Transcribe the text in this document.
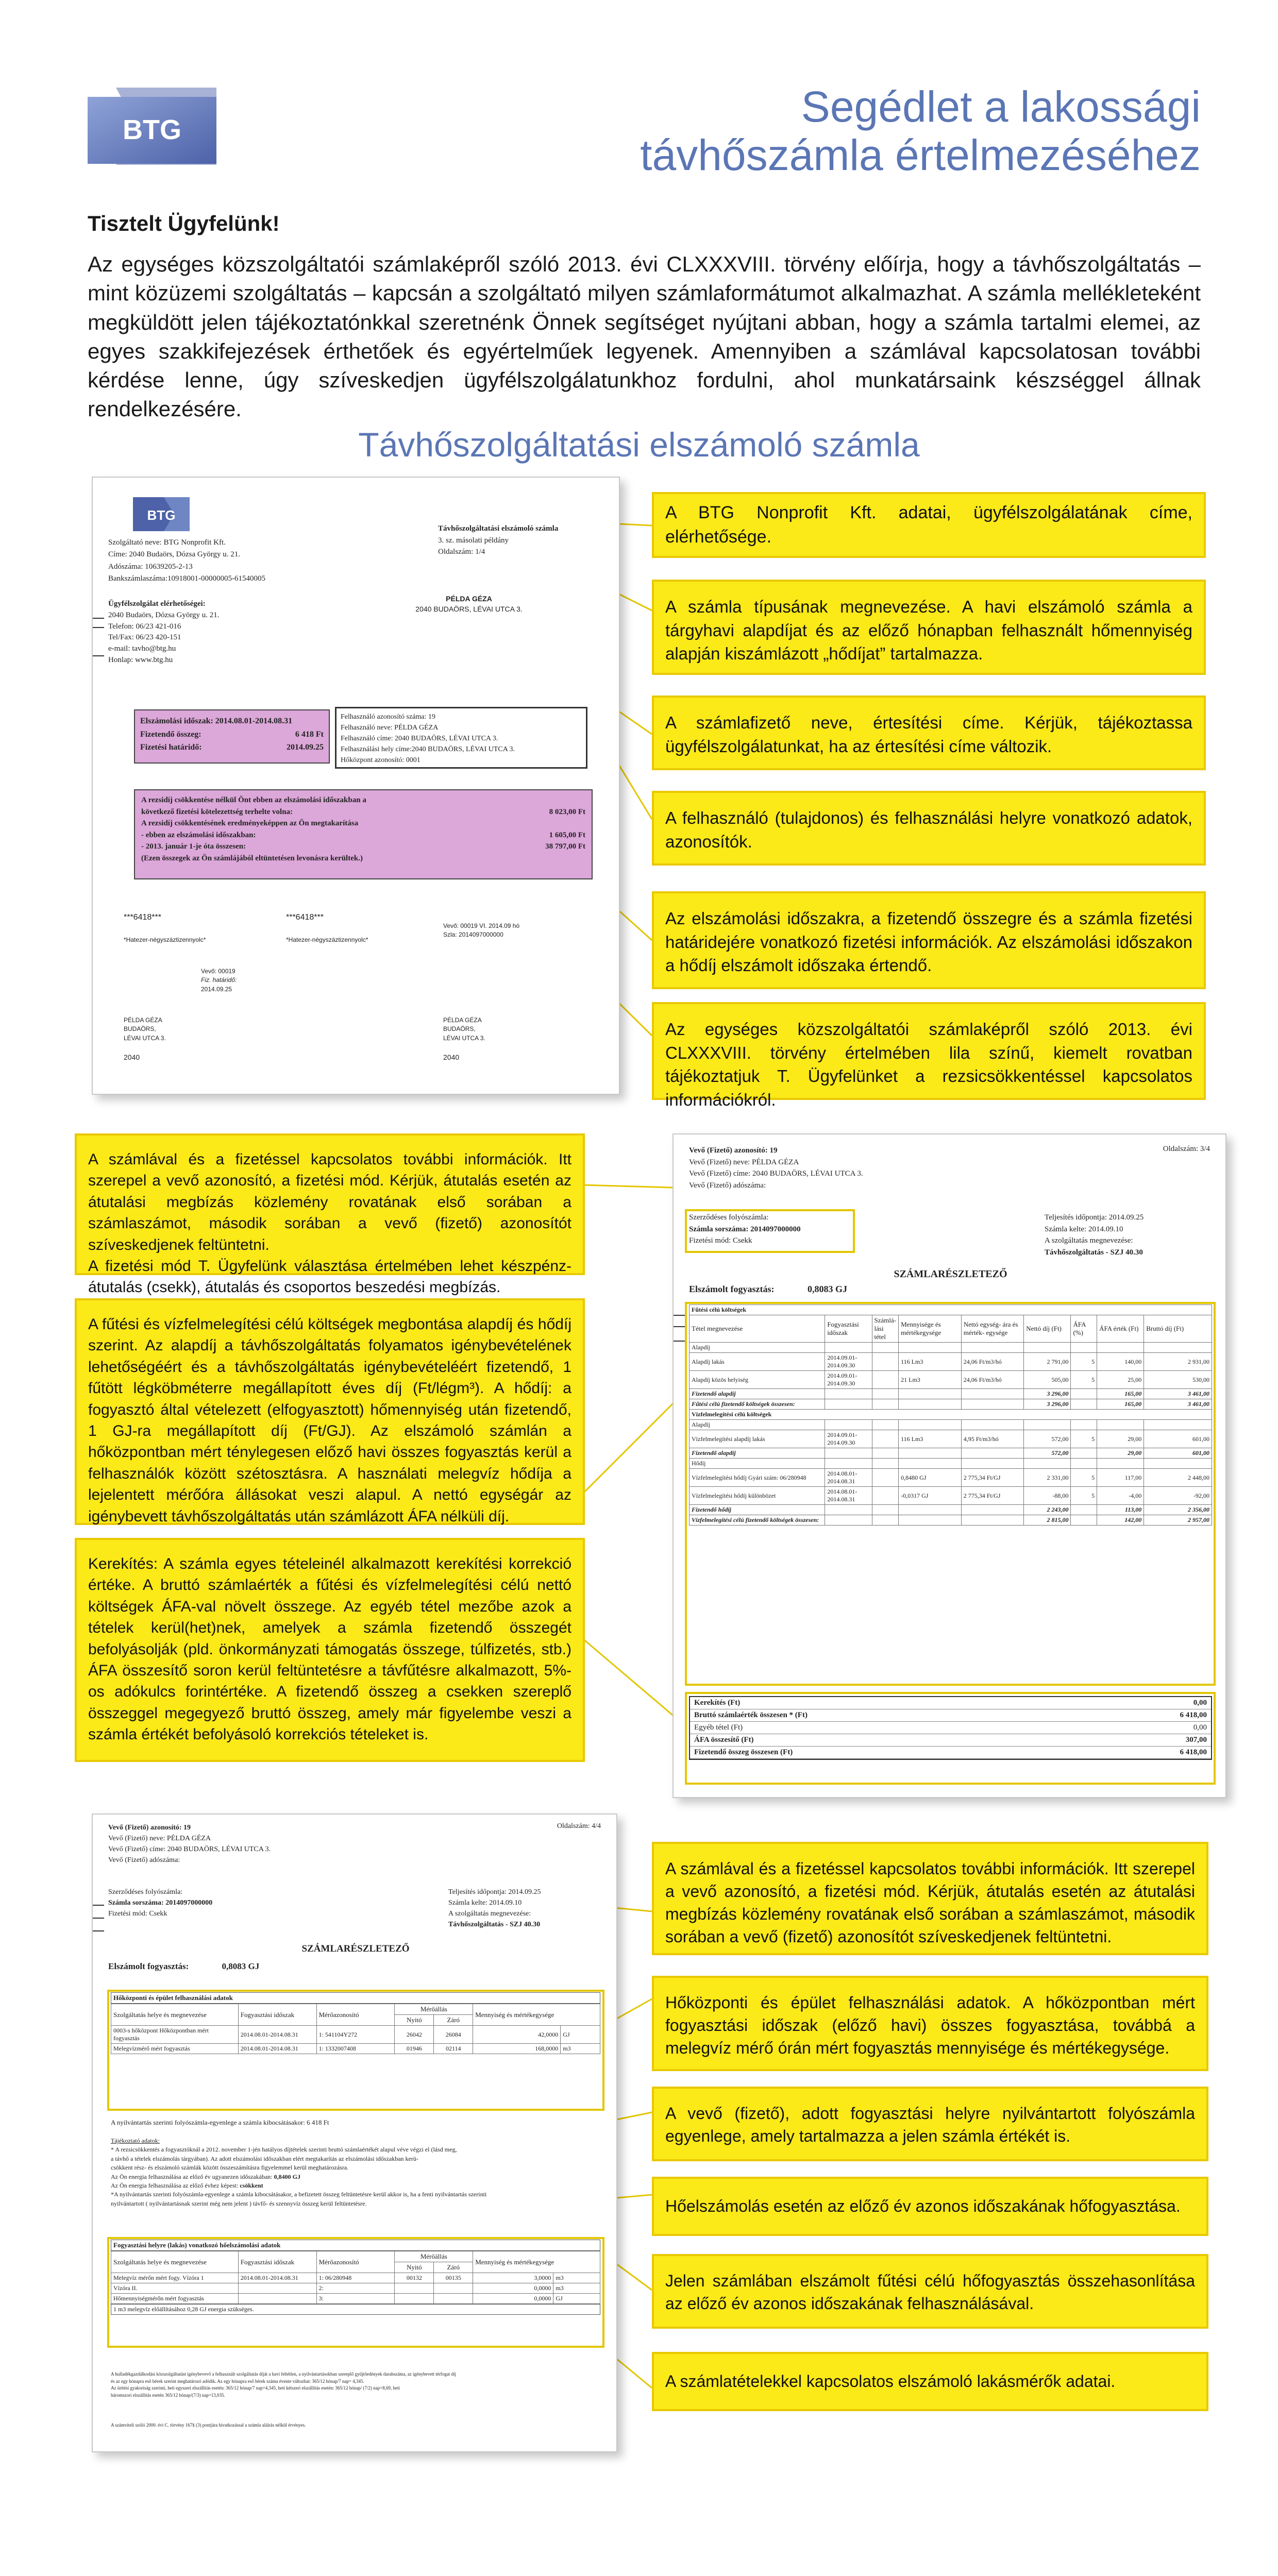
BTG	Segédlet a lakossági
távhőszámla értelmezéséhez
Tisztelt Ügyfelünk!
Az egységes közszolgáltatói számlaképről szóló 2013. évi CLXXXVIII. törvény előírja, hogy a távhőszolgáltatás – mint közüzemi szolgáltatás – kapcsán a szolgáltató milyen számlaformátumot alkalmazhat. A számla mellékleteként megküldött jelen tájékoztatónkkal szeretnénk Önnek segítséget nyújtani abban, hogy a számla tartalmi elemei, az egyes szakkifejezések érthetőek és egyértelműek legyenek. Amennyiben a számlával kapcsolatosan további kérdése lenne, úgy szíveskedjen ügyfélszolgálatunkhoz fordulni, ahol munkatársaink készséggel állnak rendelkezésére.
Távhőszolgáltatási elszámoló számla
BTG
Szolgáltató neve: BTG Nonprofit Kft.
Címe: 2040 Budaörs, Dózsa György u. 21.
Adószáma: 10639205-2-13
Bankszámlaszáma:10918001-00000005-61540005
Ügyfélszolgálat elérhetőségei:
2040 Budaörs, Dózsa György u. 21.
Telefon: 06/23 421-016
Tel/Fax: 06/23 420-151
e-mail: tavho@btg.hu
Honlap: www.btg.hu
Távhőszolgáltatási elszámoló számla
3. sz. másolati példány
Oldalszám: 1/4
PÉLDA GÉZA
2040 BUDAÖRS, LÉVAI UTCA 3.
Elszámolási időszak: 2014.08.01-2014.08.31
Fizetendő összeg:	6 418 Ft
Fizetési határidő:	2014.09.25
Felhasználó azonosító száma: 19
Felhasználó neve: PÉLDA GÉZA
Felhasználó címe: 2040 BUDAÖRS, LÉVAI UTCA 3.
Felhasználási hely címe:2040 BUDAÖRS, LÉVAI UTCA 3.
Hőközpont azonosító: 0001
A rezsidíj csökkentése nélkül Önt ebben az elszámolási időszakban a
következő fizetési kötelezettség terhelte volna:	8 023,00 Ft
A rezsidíj csökkentésének eredményeképpen az Ön megtakarítása
- ebben az elszámolási időszakban:	1 605,00 Ft
- 2013. január 1-je óta összesen:	38 797,00 Ft
(Ezen összegek az Ön számlájából eltüntetésen levonásra kerültek.)
***6418***	***6418***
*Hatezer-négyszáztizennyolc*	*Hatezer-négyszáztizennyolc*
Vevő: 00019 VI. 2014.09 hó
Szla: 2014097000000
Vevő: 00019
Fiz. határidő:
2014.09.25
PÉLDA GÉZA
BUDAÖRS,
LÉVAI UTCA 3.
2040
PÉLDA GÉZA
BUDAÖRS,
LÉVAI UTCA 3.
2040
A BTG Nonprofit Kft. adatai, ügyfélszolgálatának címe, elérhetősége.
A számla típusának megnevezése. A havi elszámoló számla a tárgyhavi alapdíjat és az előző hónapban felhasznált hőmennyiség alapján kiszámlázott „hődíjat” tartalmazza.
A számlafizető neve, értesítési címe. Kérjük, tájékoztassa ügyfélszolgálatunkat, ha az értesítési címe változik.
A felhasználó (tulajdonos) és felhasználási helyre vonatkozó adatok, azonosítók.
Az elszámolási időszakra, a fizetendő összegre és a számla fizetési határidejére vonatkozó fizetési információk. Az elszámolási időszakon a hődíj elszámolt időszaka értendő.
Az egységes közszolgáltatói számlaképről szóló 2013. évi CLXXXVIII. törvény értelmében lila színű, kiemelt rovatban tájékoztatjuk T. Ügyfelünket a rezsicsökkentéssel kapcsolatos információkról.
A számlával és a fizetéssel kapcsolatos további információk. Itt szerepel a vevő azonosító, a fizetési mód. Kérjük, átutalás esetén az átutalási megbízás közlemény rovatának első sorában a számlaszámot, második sorában a vevő (fizető) azonosítót szíveskedjenek feltüntetni.
A fizetési mód T. Ügyfelünk választása értelmében lehet készpénz-átutalás (csekk), átutalás és csoportos beszedési megbízás.
A fűtési és vízfelmelegítési célú költségek megbontása alapdíj és hődíj szerint. Az alapdíj a távhőszolgáltatás folyamatos igénybevételének lehetőségéért és a távhőszolgáltatás igénybevételéért fizetendő, 1 fűtött légköbméterre megállapított éves díj (Ft/légm³). A hődíj: a fogyasztó által vételezett (elfogyasztott) hőmennyiség után fizetendő, 1 GJ-ra megállapított díj (Ft/GJ). Az elszámoló számlán a hőközpontban mért ténylegesen előző havi összes fogyasztás kerül a felhasználók között szétosztásra. A használati melegvíz hődíja a lejelentett mérőóra állásokat veszi alapul. A nettó egységár az igénybevett távhőszolgáltatás után számlázott ÁFA nélküli díj.
Kerekítés: A számla egyes tételeinél alkalmazott kerekítési korrekció értéke. A bruttó számlaérték a fűtési és vízfelmelegítési célú nettó költségek ÁFA-val növelt összege. Az egyéb tétel mezőbe azok a tételek kerül(het)nek, amelyek a számla fizetendő összegét befolyásolják (pld. önkormányzati támogatás összege, túlfizetés, stb.) ÁFA összesítő soron kerül feltüntetésre a távfűtésre alkalmazott, 5%-os adókulcs forintértéke. A fizetendő összeg a csekken szereplő összeggel megegyező bruttó összeg, amely már figyelembe veszi a számla értékét befolyásoló korrekciós tételeket is.
Vevő (Fizető) azonosító: 19
Vevő (Fizető) neve: PÉLDA GÉZA
Vevő (Fizető) címe: 2040 BUDAÖRS, LÉVAI UTCA 3.
Vevő (Fizető) adószáma:
Oldalszám: 3/4
Szerződéses folyószámla:
Számla sorszáma: 2014097000000
Fizetési mód: Csekk
Teljesítés időpontja: 2014.09.25
Számla kelte: 2014.09.10
A szolgáltatás megnevezése:
Távhőszolgáltatás - SZJ 40.30
SZÁMLARÉSZLETEZŐ
Elszámolt fogyasztás:	0,8083 GJ
Fűtési célú költségek								
Tétel megnevezése	Fogyasztási időszak	Számlá- lási tétel	Mennyisége és mértékegysége	Nettó egység- ára és mérték- egysége	Nettó díj (Ft)	ÁFA (%)	ÁFA érték (Ft)	Bruttó díj (Ft)
Alapdíj								
Alapdíj lakás	2014.09.01-2014.09.30		116 Lm3	24,06 Ft/m3/hó	2 791,00	5	140,00	2 931,00
Alapdíj közös helyiség	2014.09.01-2014.09.30		21 Lm3	24,06 Ft/m3/hó	505,00	5	25,00	530,00
Fizetendő alapdíj					3 296,00		165,00	3 461,00
Fűtési célú fizetendő költségek összesen:					3 296,00		165,00	3 461,00
Vízfelmelegítési célú költségek								
Alapdíj								
Vízfelmelegítési alapdíj lakás	2014.09.01-2014.09.30		116 Lm3	4,95 Ft/m3/hó	572,00	5	29,00	601,00
Fizetendő alapdíj					572,00		29,00	601,00
Hődíj								
Vízfelmelegítési hődíj Gyári szám: 06/280948	2014.08.01-2014.08.31		0,8480 GJ	2 775,34 Ft/GJ	2 331,00	5	117,00	2 448,00
Vízfelmelegítési hődíj különbözet	2014.08.01-2014.08.31		-0,0317 GJ	2 775,34 Ft/GJ	-88,00	5	-4,00	-92,00
Fizetendő hődíj					2 243,00		113,00	2 356,00
Vízfelmelegítési célú fizetendő költségek összesen:					2 815,00		142,00	2 957,00
Kerekítés (Ft)	0,00
Bruttó számlaérték összesen * (Ft)	6 418,00
Egyéb tétel (Ft)	0,00
ÁFA összesítő (Ft)	307,00
Fizetendő összeg összesen (Ft)	6 418,00
Vevő (Fizető) azonosító: 19
Vevő (Fizető) neve: PÉLDA GÉZA
Vevő (Fizető) címe: 2040 BUDAÖRS, LÉVAI UTCA 3.
Vevő (Fizető) adószáma:
Oldalszám: 4/4
Szerződéses folyószámla:
Számla sorszáma: 2014097000000
Fizetési mód: Csekk
Teljesítés időpontja: 2014.09.25
Számla kelte: 2014.09.10
A szolgáltatás megnevezése:
Távhőszolgáltatás - SZJ 40.30
SZÁMLARÉSZLETEZŐ
Elszámolt fogyasztás:	0,8083 GJ
Hőközponti és épület felhasználási adatok
Szolgáltatás helye és megnevezése	Fogyasztási időszak	Mérőazonosító	Mérőállás		Mennyiség és mértékegysége	
			Nyitó	Záró		
0003-s hőközpont Hőközpontban mért fogyasztás	2014.08.01-2014.08.31	1: 541104Y272	26042	26084	42,0000	GJ
Melegvízmérő mért fogyasztás	2014.08.01-2014.08.31	1: 1332007408	01946	02114	168,0000	m3
A nyilvántartás szerinti folyószámla-egyenlege a számla kibocsátásakor: 6 418 Ft
Tájékoztató adatok:
* A rezsicsökkentés a fogyasztóknál a 2012. november 1-jén hatályos díjtételek szerinti bruttó számlaértékét alapul véve végzi el (lásd meg,
a távhő a tételek elszámolás tárgyában). Az adott elszámolási időszakban elért megtakarítás az elszámolási időszakban kerü-
csökkent rész- és elszámoló számlák között összeszámításra figyelemmel kerül meghatározásra.
Az Ön energia felhasználása az előző év ugyanezen időszakában: 0,8400 GJ
Az Ön energia felhasználása az előző évhez képest: csökkent
*A nyilvántartás szerinti folyószámla-egyenlege a számla kibocsátásakor, a befizetett összeg feltüntetésre kerül akkor is, ha a fenti nyilvántartás szerinti
nyilvántartott ( nyilvántartásnak szerint még nem jelent ) távfő- és szennyvíz összeg kerül feltüntetésre.
Fogyasztási helyre (lakás) vonatkozó hőelszámolási adatok
Szolgáltatás helye és megnevezése	Fogyasztási időszak	Mérőazonosító	Mérőállás		Mennyiség és mértékegysége	
			Nyitó	Záró		
Melegvíz mérőn mért fogy. Vízóra 1	2014.08.01-2014.08.31	1: 06/280948	00132	00135	3,0000	m3
Vízóra II.		2:			0,0000	m3
Hőmennyiségmérőn mért fogyasztás		3:			0,0000	GJ
1 m3 melegvíz előállításához 0,28 GJ energia szükséges.
A hulladékgazdálkodási közszolgáltatást igénybevevő a felhasznált szolgáltatás díját a havi feltétlen, a nyilvántartásokban szereplő gyűjtőedények darabszáma, az igénybevett térfogat díj
és az egy hónapra eső bérek szerint meghatározó adódik. Az egy hónapra eső bérek száma évente változhat: 365/12 hónap/7 nap= 4,345.
Az ürítési gyakoriság szerinti, heti egyszeri elszállítás esetén: 365/12 hónap/7 nap=4,345, heti kétszeri elszállítás esetén: 365/12 hónap/ (7/2) nap=8,69, heti
háromszori elszállítás esetén 365/12 hónap/(7/3) nap=13,035.
A számviteli szóló 2000. évi C. törvény 167§ (3) pontjára hivatkozással a számla aláírás nélkül érvényes.
A számlával és a fizetéssel kapcsolatos további információk. Itt szerepel a vevő azonosító, a fizetési mód. Kérjük, átutalás esetén az átutalási megbízás közlemény rovatának első sorában a számlaszámot, második sorában a vevő (fizető) azonosítót szíveskedjenek feltüntetni.
Hőközponti és épület felhasználási adatok. A hőközpontban mért fogyasztási időszak (előző havi) összes fogyasztása, továbbá a melegvíz mérő órán mért fogyasztás mennyisége és mértékegysége.
A vevő (fizető), adott fogyasztási helyre nyilvántartott folyószámla egyenlege, amely tartalmazza a jelen számla értékét is.
Hőelszámolás esetén az előző év azonos időszakának hőfogyasztása.
Jelen számlában elszámolt fűtési célú hőfogyasztás összehasonlítása az előző év azonos időszakának felhasználásával.
A számlatételekkel kapcsolatos elszámoló lakásmérők adatai.
